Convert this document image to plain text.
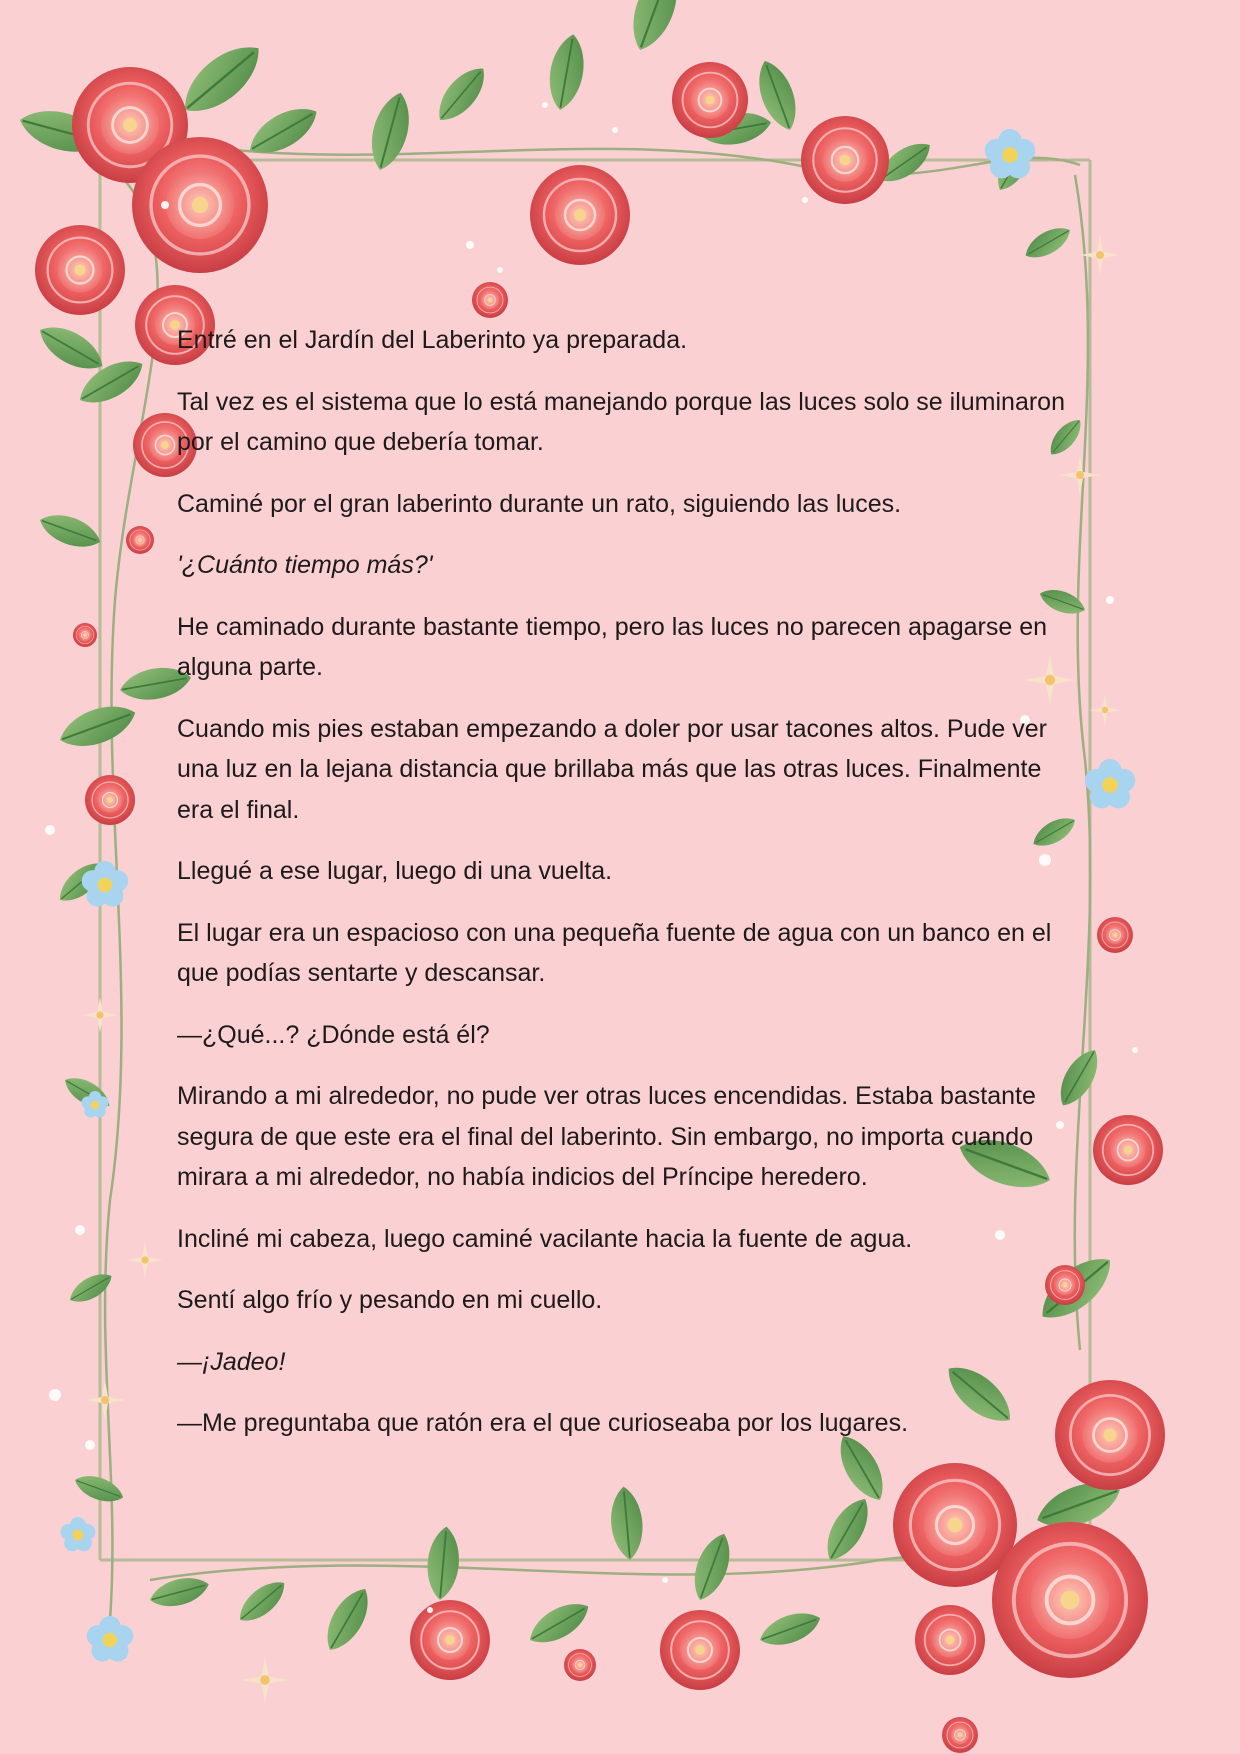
Entré en el Jardín del Laberinto ya preparada.

Tal vez es el sistema que lo está manejando porque las luces solo se iluminaron por el camino que debería tomar.

Caminé por el gran laberinto durante un rato, siguiendo las luces.

'¿Cuánto tiempo más?'

He caminado durante bastante tiempo, pero las luces no parecen apagarse en alguna parte.

Cuando mis pies estaban empezando a doler por usar tacones altos. Pude ver una luz en la lejana distancia que brillaba más que las otras luces. Finalmente era el final.

Llegué a ese lugar, luego di una vuelta.

El lugar era un espacioso con una pequeña fuente de agua con un banco en el que podías sentarte y descansar.

—¿Qué...? ¿Dónde está él?

Mirando a mi alrededor, no pude ver otras luces encendidas. Estaba bastante segura de que este era el final del laberinto. Sin embargo, no importa cuando mirara a mi alrededor, no había indicios del Príncipe heredero.

Incliné mi cabeza, luego caminé vacilante hacia la fuente de agua.

Sentí algo frío y pesando en mi cuello.

—¡Jadeo!

—Me preguntaba que ratón era el que curioseaba por los lugares.
